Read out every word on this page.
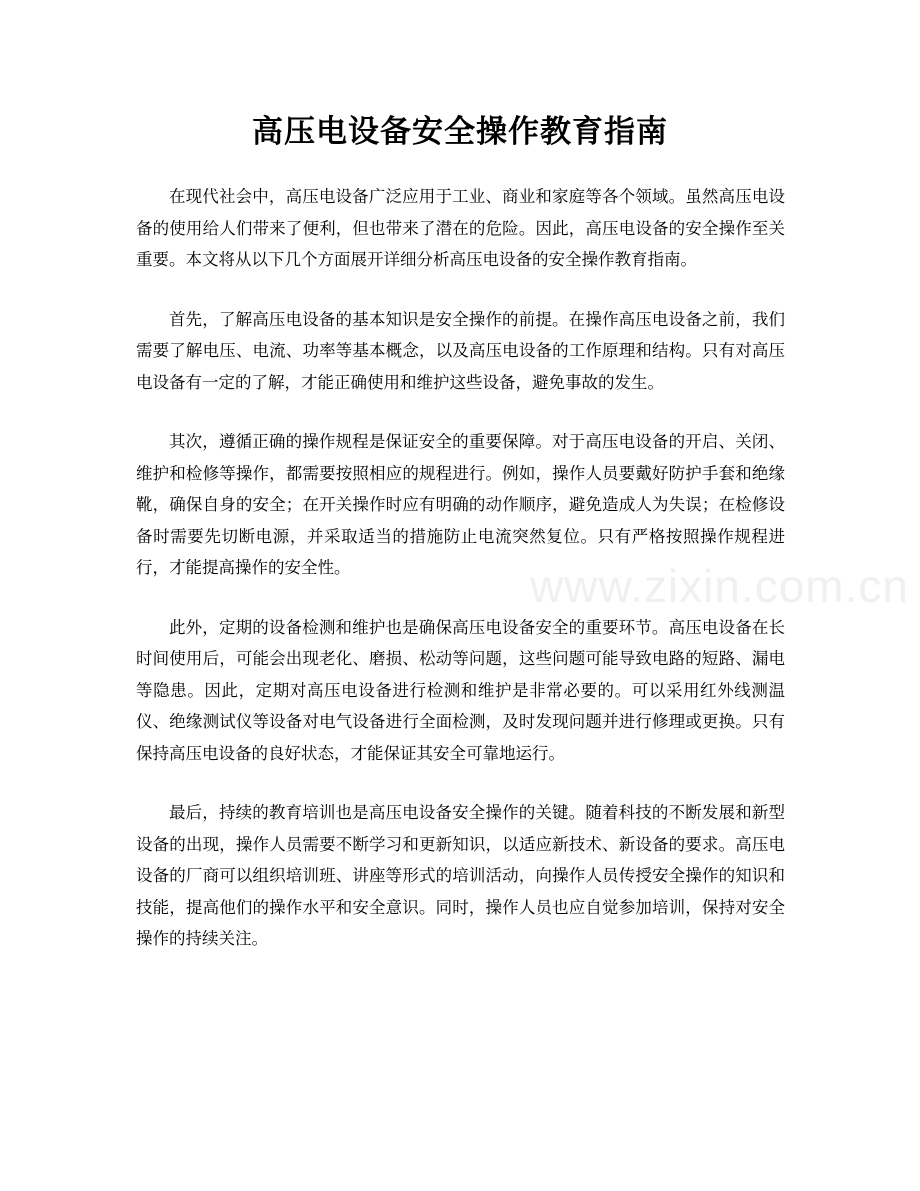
高压电设备安全操作教育指南

在现代社会中，高压电设备广泛应用于工业、商业和家庭等各个领域。虽然高压电设备的使用给人们带来了便利，但也带来了潜在的危险。因此，高压电设备的安全操作至关重要。本文将从以下几个方面展开详细分析高压电设备的安全操作教育指南。

首先，了解高压电设备的基本知识是安全操作的前提。在操作高压电设备之前，我们需要了解电压、电流、功率等基本概念，以及高压电设备的工作原理和结构。只有对高压电设备有一定的了解，才能正确使用和维护这些设备，避免事故的发生。

其次，遵循正确的操作规程是保证安全的重要保障。对于高压电设备的开启、关闭、维护和检修等操作，都需要按照相应的规程进行。例如，操作人员要戴好防护手套和绝缘靴，确保自身的安全；在开关操作时应有明确的动作顺序，避免造成人为失误；在检修设备时需要先切断电源，并采取适当的措施防止电流突然复位。只有严格按照操作规程进行，才能提高操作的安全性。

此外，定期的设备检测和维护也是确保高压电设备安全的重要环节。高压电设备在长时间使用后，可能会出现老化、磨损、松动等问题，这些问题可能导致电路的短路、漏电等隐患。因此，定期对高压电设备进行检测和维护是非常必要的。可以采用红外线测温仪、绝缘测试仪等设备对电气设备进行全面检测，及时发现问题并进行修理或更换。只有保持高压电设备的良好状态，才能保证其安全可靠地运行。

最后，持续的教育培训也是高压电设备安全操作的关键。随着科技的不断发展和新型设备的出现，操作人员需要不断学习和更新知识，以适应新技术、新设备的要求。高压电设备的厂商可以组织培训班、讲座等形式的培训活动，向操作人员传授安全操作的知识和技能，提高他们的操作水平和安全意识。同时，操作人员也应自觉参加培训，保持对安全操作的持续关注。

www.zixin.com.cn
